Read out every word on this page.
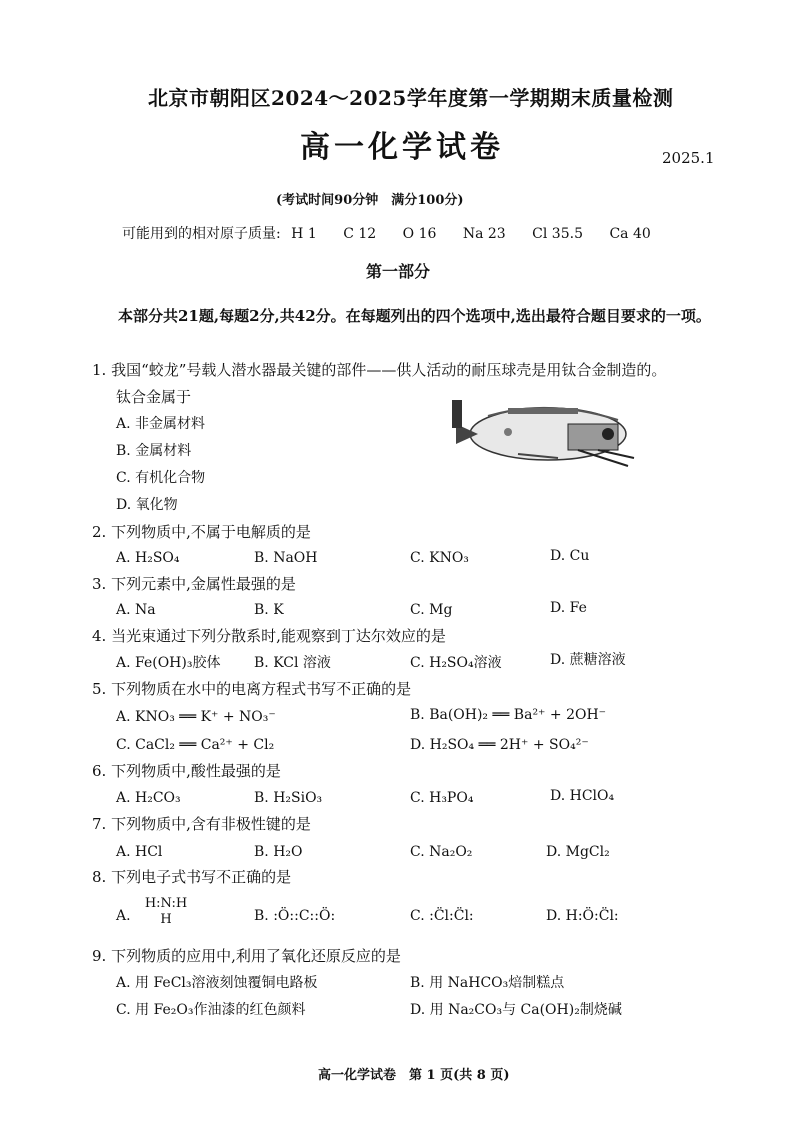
北京市朝阳区2024～2025学年度第一学期期末质量检测
高一化学试卷	2025.1
(考试时间90分钟　满分100分)
可能用到的相对原子质量: H 1 C 12 O 16 Na 23 Cl 35.5 Ca 40
第一部分
本部分共21题,每题2分,共42分。在每题列出的四个选项中,选出最符合题目要求的一项。
1. 我国“蛟龙”号载人潜水器最关键的部件——供人活动的耐压球壳是用钛合金制造的。
钛合金属于
A. 非金属材料
B. 金属材料
C. 有机化合物
D. 氧化物
2. 下列物质中,不属于电解质的是
A. H₂SO₄	B. NaOH	C. KNO₃	D. Cu
3. 下列元素中,金属性最强的是
A. Na	B. K	C. Mg	D. Fe
4. 当光束通过下列分散系时,能观察到丁达尔效应的是
A. Fe(OH)₃胶体 B. KCl 溶液	C. H₂SO₄溶液	D. 蔗糖溶液
5. 下列物质在水中的电离方程式书写不正确的是
A. KNO₃ ══ K⁺ + NO₃⁻	B. Ba(OH)₂ ══ Ba²⁺ + 2OH⁻
C. CaCl₂ ══ Ca²⁺ + Cl₂	D. H₂SO₄ ══ 2H⁺ + SO₄²⁻
6. 下列物质中,酸性最强的是
A. H₂CO₃	B. H₂SiO₃	C. H₃PO₄	D. HClO₄
7. 下列物质中,含有非极性键的是
A. HCl	B. H₂O	C. Na₂O₂	D. MgCl₂
8. 下列电子式书写不正确的是
A.
H:N:H
H	B. :Ö::C::Ö:	C. :C̈l:C̈l:	D. H:Ö:C̈l:
9. 下列物质的应用中,利用了氧化还原反应的是
A. 用 FeCl₃溶液刻蚀覆铜电路板	B. 用 NaHCO₃焙制糕点
C. 用 Fe₂O₃作油漆的红色颜料	D. 用 Na₂CO₃与 Ca(OH)₂制烧碱
高一化学试卷　第 1 页(共 8 页)
